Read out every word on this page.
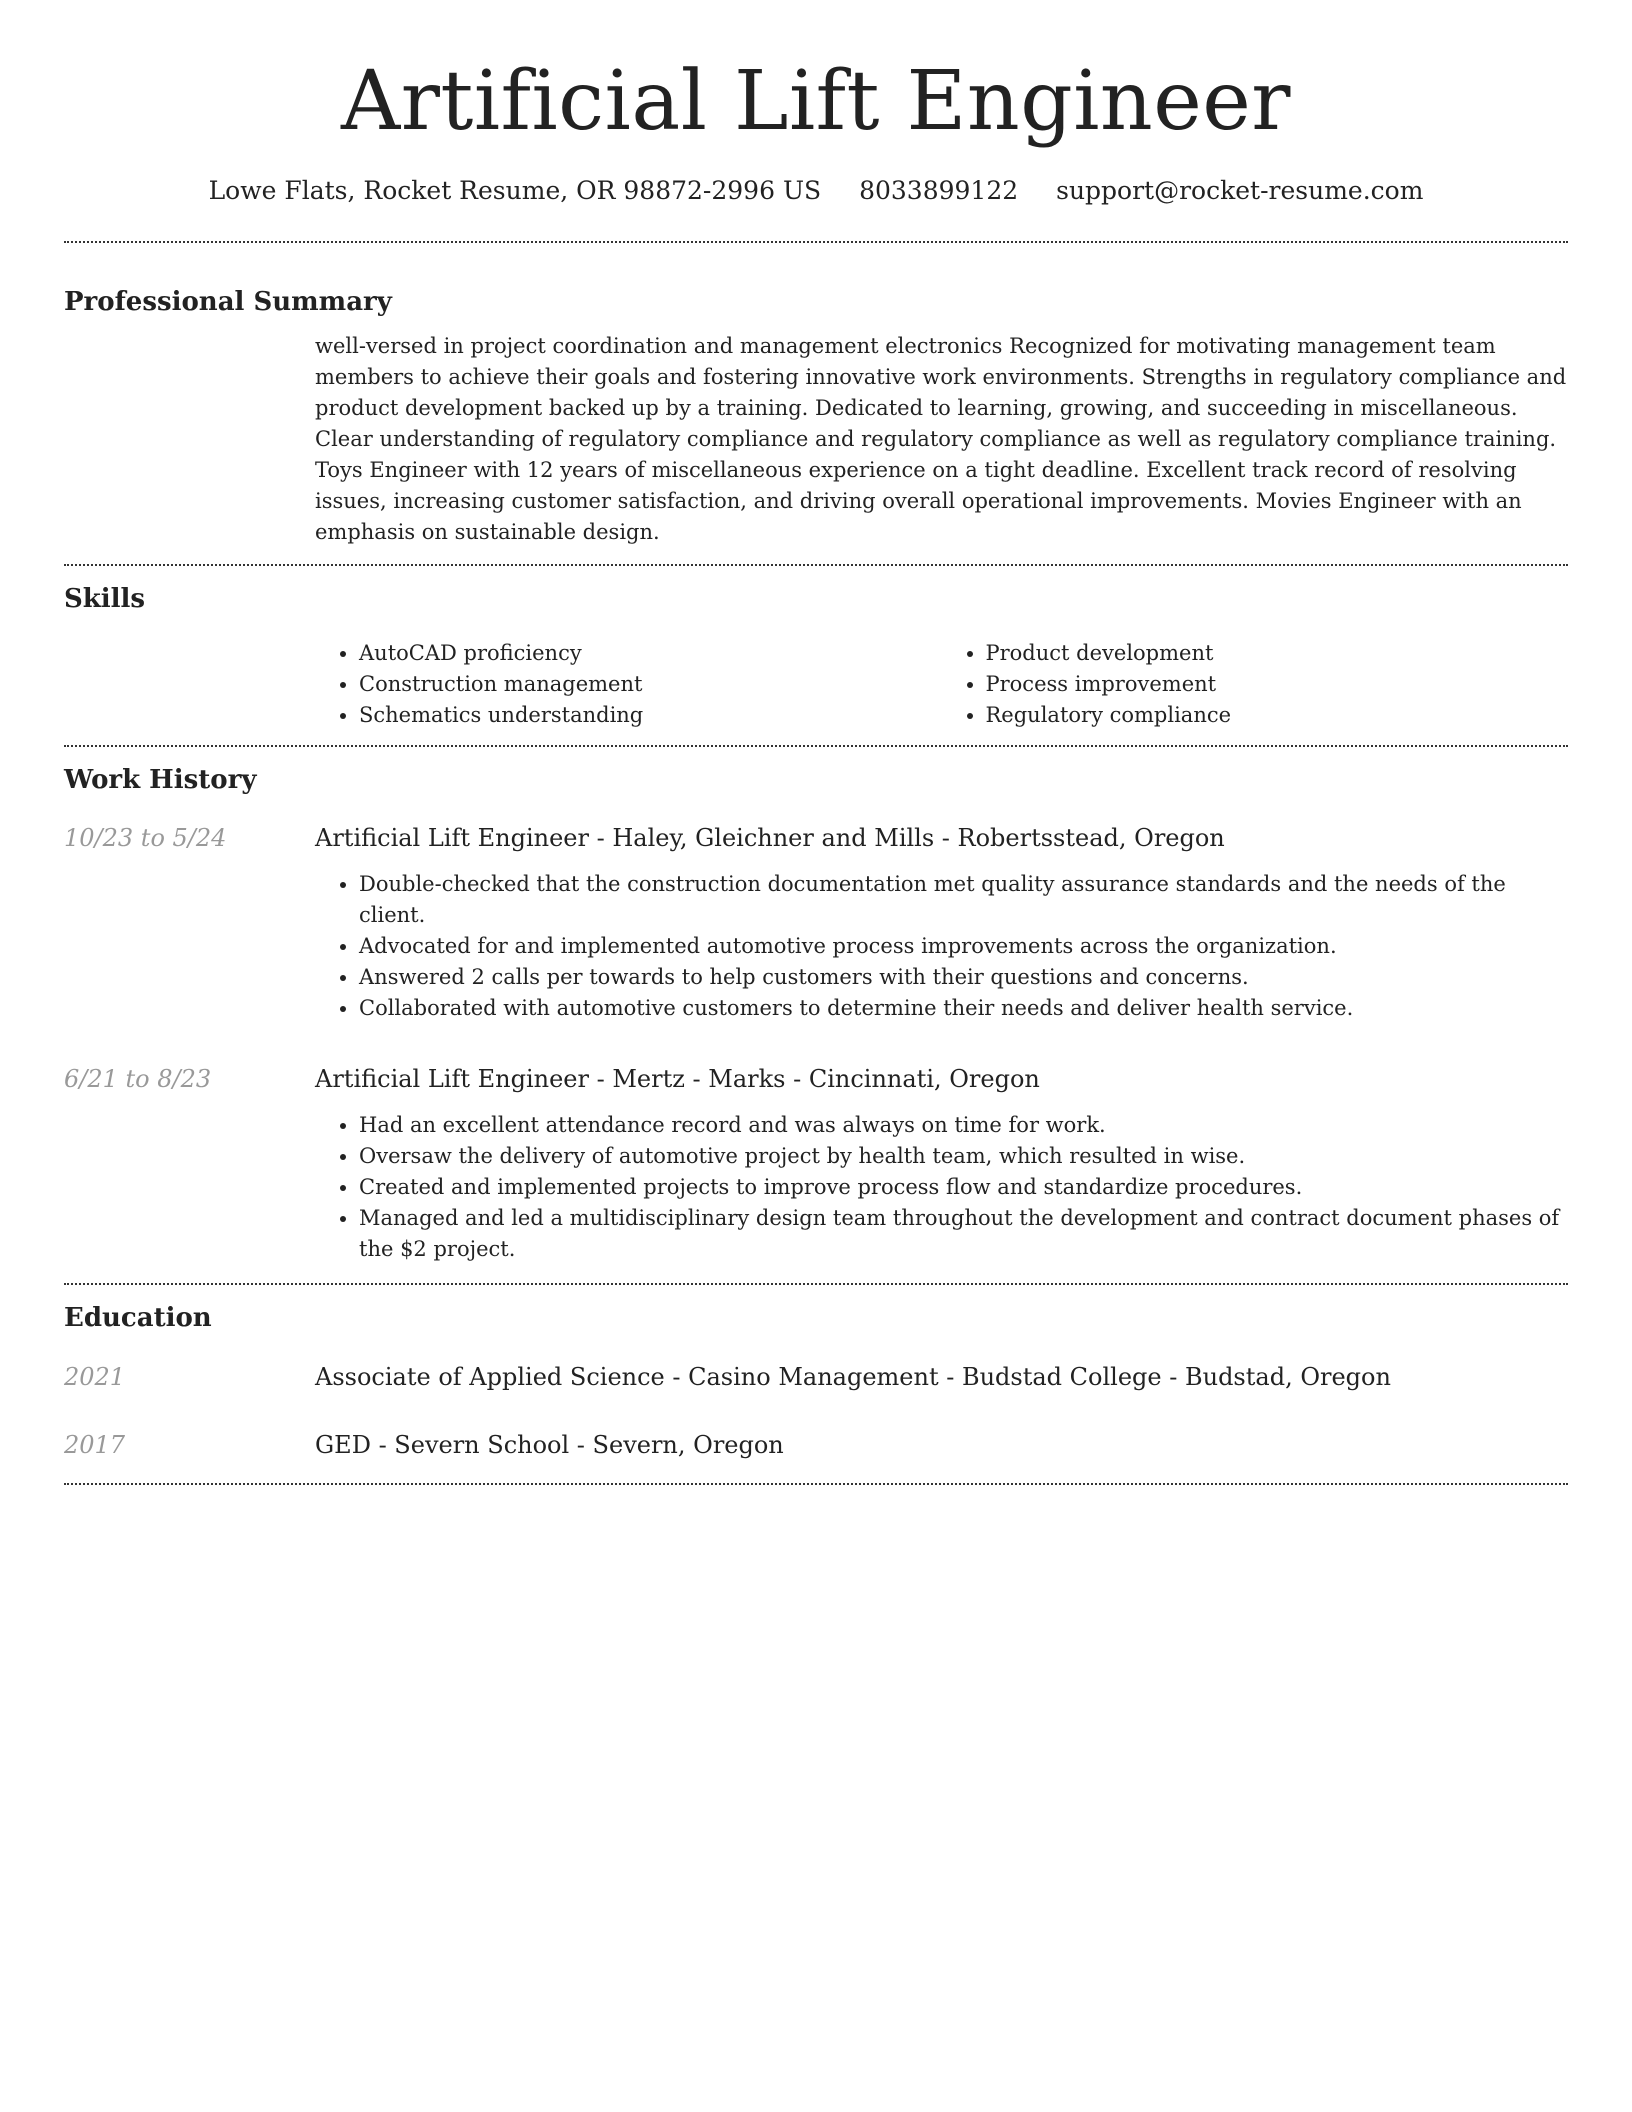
Artificial Lift Engineer
Lowe Flats, Rocket Resume, OR 98872-2996 US 8033899122 support@rocket-resume.com
Professional Summary

well-versed in project coordination and management electronics Recognized for motivating management team members to achieve their goals and fostering innovative work environments. Strengths in regulatory compliance and product development backed up by a training. Dedicated to learning, growing, and succeeding in miscellaneous. Clear understanding of regulatory compliance and regulatory compliance as well as regulatory compliance training. Toys Engineer with 12 years of miscellaneous experience on a tight deadline. Excellent track record of resolving issues, increasing customer satisfaction, and driving overall operational improvements. Movies Engineer with an emphasis on sustainable design.

Skills
• AutoCAD proficiency
• Construction management
• Schematics understanding
• Product development
• Process improvement
• Regulatory compliance
Work History
10/23 to 5/24	Artificial Lift Engineer - Haley, Gleichner and Mills - Robertsstead, Oregon
• Double-checked that the construction documentation met quality assurance standards and the needs of the client.
• Advocated for and implemented automotive process improvements across the organization.
• Answered 2 calls per towards to help customers with their questions and concerns.
• Collaborated with automotive customers to determine their needs and deliver health service.
6/21 to 8/23	Artificial Lift Engineer - Mertz - Marks - Cincinnati, Oregon
• Had an excellent attendance record and was always on time for work.
• Oversaw the delivery of automotive project by health team, which resulted in wise.
• Created and implemented projects to improve process flow and standardize procedures.
• Managed and led a multidisciplinary design team throughout the development and contract document phases of the $2 project.
Education
2021	Associate of Applied Science - Casino Management - Budstad College - Budstad, Oregon
2017	GED - Severn School - Severn, Oregon
